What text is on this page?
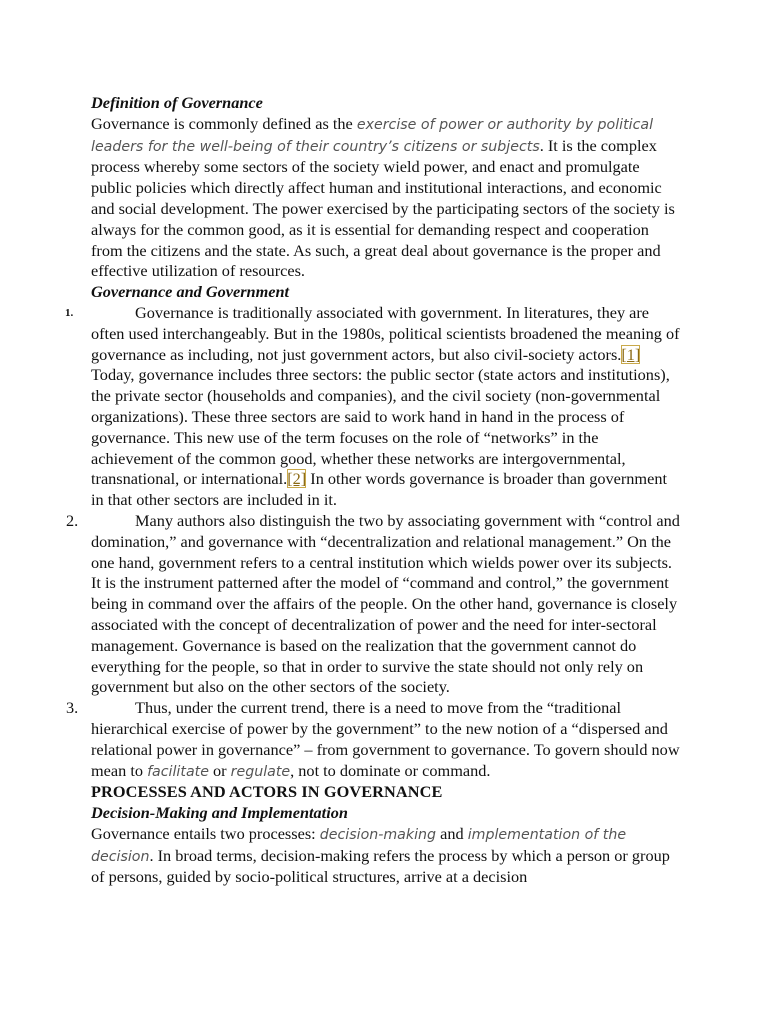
Definition of Governance

Governance is commonly defined as the exercise of power or authority by political leaders for the well-being of their country’s citizens or subjects. It is the complex process whereby some sectors of the society wield power, and enact and promulgate public policies which directly affect human and institutional interactions, and economic and social development. The power exercised by the participating sectors of the society is always for the common good, as it is essential for demanding respect and cooperation from the citizens and the state. As such, a great deal about governance is the proper and effective utilization of resources.

Governance and Government

1.	Governance is traditionally associated with government. In literatures, they are often used interchangeably. But in the 1980s, political scientists broadened the meaning of governance as including, not just government actors, but also civil-society actors.[1] Today, governance includes three sectors: the public sector (state actors and institutions), the private sector (households and companies), and the civil society (non-governmental organizations). These three sectors are said to work hand in hand in the process of governance. This new use of the term focuses on the role of “networks” in the achievement of the common good, whether these networks are intergovernmental, transnational, or international.[2] In other words governance is broader than government in that other sectors are included in it.

2.	Many authors also distinguish the two by associating government with “control and domination,” and governance with “decentralization and relational management.” On the one hand, government refers to a central institution which wields power over its subjects. It is the instrument patterned after the model of “command and control,” the government being in command over the affairs of the people. On the other hand, governance is closely associated with the concept of decentralization of power and the need for inter-sectoral management. Governance is based on the realization that the government cannot do everything for the people, so that in order to survive the state should not only rely on government but also on the other sectors of the society.

3.	Thus, under the current trend, there is a need to move from the “traditional hierarchical exercise of power by the government” to the new notion of a “dispersed and relational power in governance” – from government to governance. To govern should now mean to facilitate or regulate, not to dominate or command.

PROCESSES AND ACTORS IN GOVERNANCE
Decision-Making and Implementation

Governance entails two processes: decision-making and implementation of the decision. In broad terms, decision-making refers the process by which a person or group of persons, guided by socio-political structures, arrive at a decision
